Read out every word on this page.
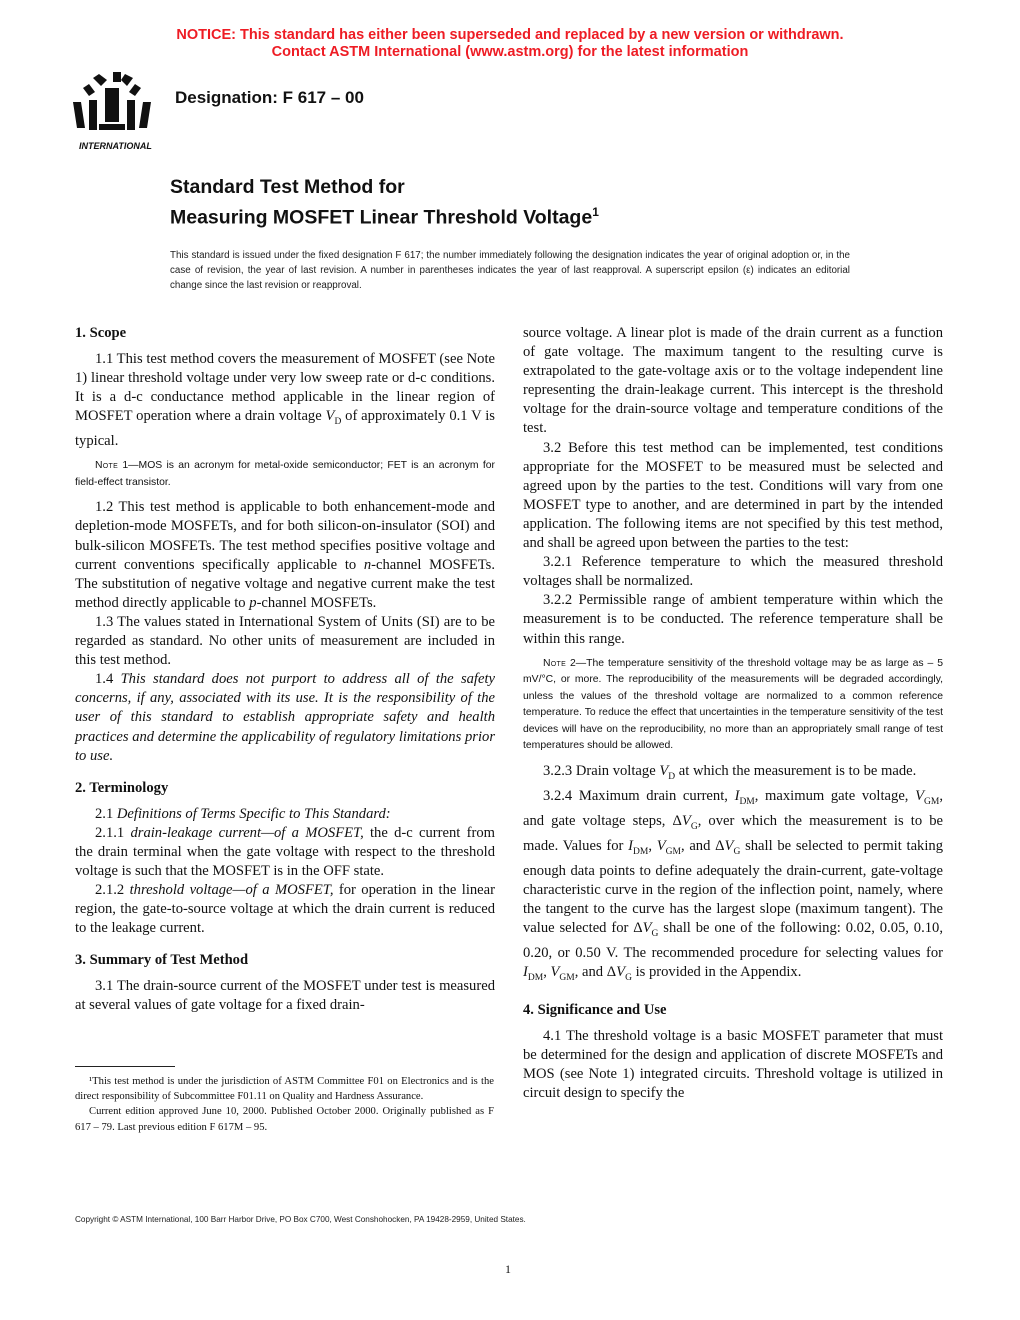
NOTICE: This standard has either been superseded and replaced by a new version or withdrawn.
Contact ASTM International (www.astm.org) for the latest information
INTERNATIONAL
Designation: F 617 – 00
Standard Test Method for
Measuring MOSFET Linear Threshold Voltage$^1$
This standard is issued under the fixed designation F 617; the number immediately following the designation indicates the year of original adoption or, in the case of revision, the year of last revision. A number in parentheses indicates the year of last reapproval. A superscript epsilon (ε) indicates an editorial change since the last revision or reapproval.
1. Scope

1.1 This test method covers the measurement of MOSFET (see Note 1) linear threshold voltage under very low sweep rate or d-c conditions. It is a d-c conductance method applicable in the linear region of MOSFET operation where a drain voltage $V_D$ of approximately 0.1 V is typical.

Note 1—MOS is an acronym for metal-oxide semiconductor; FET is an acronym for field-effect transistor.

1.2 This test method is applicable to both enhancement-mode and depletion-mode MOSFETs, and for both silicon-on-insulator (SOI) and bulk-silicon MOSFETs. The test method specifies positive voltage and current conventions specifically applicable to n-channel MOSFETs. The substitution of negative voltage and negative current make the test method directly applicable to p-channel MOSFETs.

1.3 The values stated in International System of Units (SI) are to be regarded as standard. No other units of measurement are included in this test method.

1.4 This standard does not purport to address all of the safety concerns, if any, associated with its use. It is the responsibility of the user of this standard to establish appropriate safety and health practices and determine the applicability of regulatory limitations prior to use.

2. Terminology

2.1 Definitions of Terms Specific to This Standard:

2.1.1 drain-leakage current—of a MOSFET, the d-c current from the drain terminal when the gate voltage with respect to the threshold voltage is such that the MOSFET is in the OFF state.

2.1.2 threshold voltage—of a MOSFET, for operation in the linear region, the gate-to-source voltage at which the drain current is reduced to the leakage current.

3. Summary of Test Method

3.1 The drain-source current of the MOSFET under test is measured at several values of gate voltage for a fixed drain-

source voltage. A linear plot is made of the drain current as a function of gate voltage. The maximum tangent to the resulting curve is extrapolated to the gate-voltage axis or to the voltage independent line representing the drain-leakage current. This intercept is the threshold voltage for the drain-source voltage and temperature conditions of the test.

3.2 Before this test method can be implemented, test conditions appropriate for the MOSFET to be measured must be selected and agreed upon by the parties to the test. Conditions will vary from one MOSFET type to another, and are determined in part by the intended application. The following items are not specified by this test method, and shall be agreed upon between the parties to the test:

3.2.1 Reference temperature to which the measured threshold voltages shall be normalized.

3.2.2 Permissible range of ambient temperature within which the measurement is to be conducted. The reference temperature shall be within this range.

Note 2—The temperature sensitivity of the threshold voltage may be as large as – 5 mV/°C, or more. The reproducibility of the measurements will be degraded accordingly, unless the values of the threshold voltage are normalized to a common reference temperature. To reduce the effect that uncertainties in the temperature sensitivity of the test devices will have on the reproducibility, no more than an appropriately small range of test temperatures should be allowed.

3.2.3 Drain voltage $V_D$ at which the measurement is to be made.

3.2.4 Maximum drain current, $I_{DM}$, maximum gate voltage, $V_{GM}$, and gate voltage steps, $\Delta V_G$, over which the measurement is to be made. Values for $I_{DM}$, $V_{GM}$, and $\Delta V_G$ shall be selected to permit taking enough data points to define adequately the drain-current, gate-voltage characteristic curve in the region of the inflection point, namely, where the tangent to the curve has the largest slope (maximum tangent). The value selected for $\Delta V_G$ shall be one of the following: 0.02, 0.05, 0.10, 0.20, or 0.50 V. The recommended procedure for selecting values for $I_{DM}$, $V_{GM}$, and $\Delta V_G$ is provided in the Appendix.

4. Significance and Use

4.1 The threshold voltage is a basic MOSFET parameter that must be determined for the design and application of discrete MOSFETs and MOS (see Note 1) integrated circuits. Threshold voltage is utilized in circuit design to specify the

¹This test method is under the jurisdiction of ASTM Committee F01 on Electronics and is the direct responsibility of Subcommittee F01.11 on Quality and Hardness Assurance.

Current edition approved June 10, 2000. Published October 2000. Originally published as F 617 – 79. Last previous edition F 617M – 95.

Copyright © ASTM International, 100 Barr Harbor Drive, PO Box C700, West Conshohocken, PA 19428-2959, United States.
1
